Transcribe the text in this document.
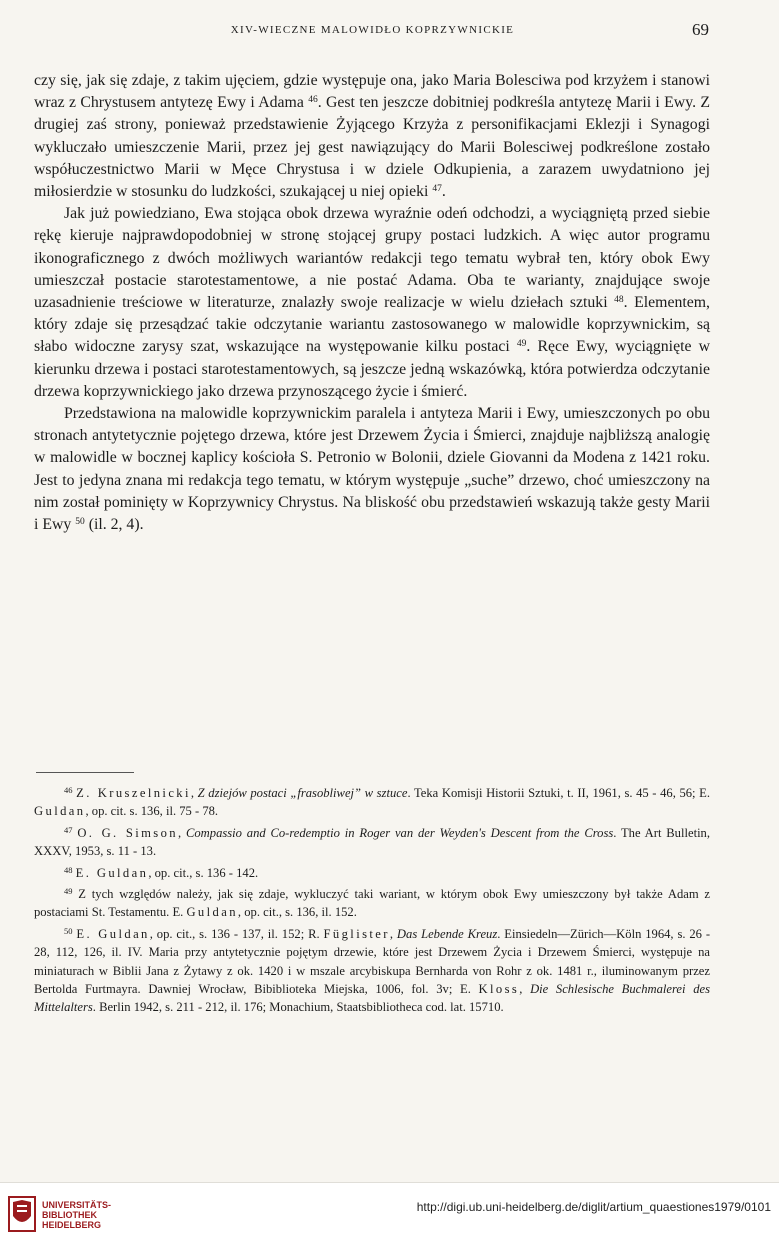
XIV-WIECZNE MALOWIDŁO KOPRZYWNICKIE	69

czy się, jak się zdaje, z takim ujęciem, gdzie występuje ona, jako Maria Bolesciwa pod krzyżem i stanowi wraz z Chrystusem antytezę Ewy i Adama $^{46}$. Gest ten jeszcze dobitniej podkreśla antytezę Marii i Ewy. Z drugiej zaś strony, ponieważ przedstawienie Żyjącego Krzyża z personifikacjami Eklezji i Synagogi wykluczało umieszczenie Marii, przez jej gest nawiązujący do Marii Bolesciwej podkreślone zostało współuczestnictwo Marii w Męce Chrystusa i w dziele Odkupienia, a zarazem uwydatniono jej miłosierdzie w stosunku do ludzkości, szukającej u niej opieki $^{47}$.

Jak już powiedziano, Ewa stojąca obok drzewa wyraźnie odeń odchodzi, a wyciągniętą przed siebie rękę kieruje najprawdopodobniej w stronę stojącej grupy postaci ludzkich. A więc autor programu ikonograficznego z dwóch możliwych wariantów redakcji tego tematu wybrał ten, który obok Ewy umieszczał postacie starotestamentowe, a nie postać Adama. Oba te warianty, znajdujące swoje uzasadnienie treściowe w literaturze, znalazły swoje realizacje w wielu dziełach sztuki $^{48}$. Elementem, który zdaje się przesądzać takie odczytanie wariantu zastosowanego w malowidle koprzywnickim, są słabo widoczne zarysy szat, wskazujące na występowanie kilku postaci $^{49}$. Ręce Ewy, wyciągnięte w kierunku drzewa i postaci starotestamentowych, są jeszcze jedną wskazówką, która potwierdza odczytanie drzewa koprzywnickiego jako drzewa przynoszącego życie i śmierć.

Przedstawiona na malowidle koprzywnickim paralela i antyteza Marii i Ewy, umieszczonych po obu stronach antytetycznie pojętego drzewa, które jest Drzewem Życia i Śmierci, znajduje najbliższą analogię w malowidle w bocznej kaplicy kościoła S. Petronio w Bolonii, dziele Giovanni da Modena z 1421 roku. Jest to jedyna znana mi redakcja tego tematu, w którym występuje „suche” drzewo, choć umieszczony na nim został pominięty w Koprzywnicy Chrystus. Na bliskość obu przedstawień wskazują także gesty Marii i Ewy $^{50}$ (il. 2, 4).

$^{46}$ Z. Kruszelnicki, Z dziejów postaci „frasobliwej” w sztuce. Teka Komisji Historii Sztuki, t. II, 1961, s. 45 - 46, 56; E. Guldan, op. cit. s. 136, il. 75 - 78.

$^{47}$ O. G. Simson, Compassio and Co-redemptio in Roger van der Weyden's Descent from the Cross. The Art Bulletin, XXXV, 1953, s. 11 - 13.

$^{48}$ E. Guldan, op. cit., s. 136 - 142.

$^{49}$ Z tych względów należy, jak się zdaje, wykluczyć taki wariant, w którym obok Ewy umieszczony był także Adam z postaciami St. Testamentu. E. Guldan, op. cit., s. 136, il. 152.

$^{50}$ E. Guldan, op. cit., s. 136 - 137, il. 152; R. Füglister, Das Lebende Kreuz. Einsiedeln—Zürich—Köln 1964, s. 26 - 28, 112, 126, il. IV. Maria przy antytetycznie pojętym drzewie, które jest Drzewem Życia i Drzewem Śmierci, występuje na miniaturach w Biblii Jana z Żytawy z ok. 1420 i w mszale arcybiskupa Bernharda von Rohr z ok. 1481 r., iluminowanym przez Bertolda Furtmayra. Dawniej Wrocław, Bibiblioteka Miejska, 1006, fol. 3v; E. Kloss, Die Schlesische Buchmalerei des Mittelalters. Berlin 1942, s. 211 - 212, il. 176; Monachium, Staatsbibliotheca cod. lat. 15710.

UNIVERSITÄTS-
BIBLIOTHEK
HEIDELBERG
http://digi.ub.uni-heidelberg.de/diglit/artium_quaestiones1979/0101
